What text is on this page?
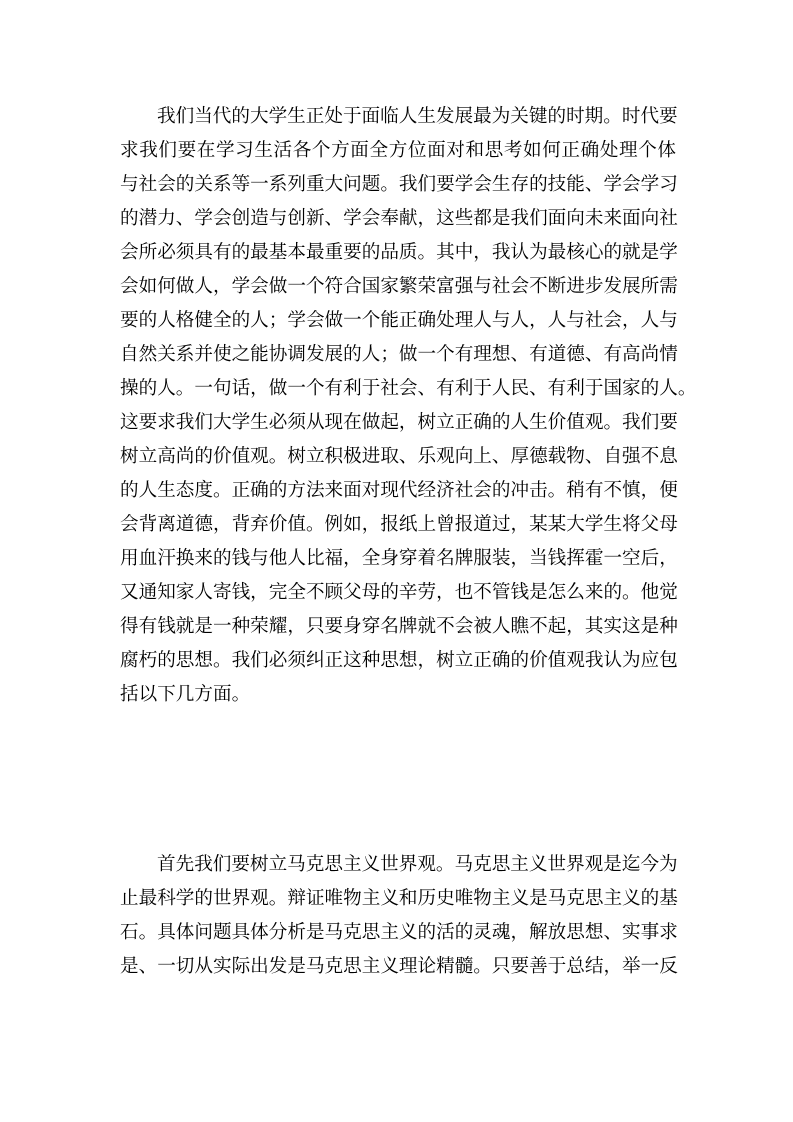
我们当代的大学生正处于面临人生发展最为关键的时期。时代要
求我们要在学习生活各个方面全方位面对和思考如何正确处理个体
与社会的关系等一系列重大问题。我们要学会生存的技能、学会学习
的潜力、学会创造与创新、学会奉献，这些都是我们面向未来面向社
会所必须具有的最基本最重要的品质。其中，我认为最核心的就是学
会如何做人，学会做一个符合国家繁荣富强与社会不断进步发展所需
要的人格健全的人；学会做一个能正确处理人与人，人与社会，人与
自然关系并使之能协调发展的人；做一个有理想、有道德、有高尚情
操的人。一句话，做一个有利于社会、有利于人民、有利于国家的人。
这要求我们大学生必须从现在做起，树立正确的人生价值观。我们要
树立高尚的价值观。树立积极进取、乐观向上、厚德载物、自强不息
的人生态度。正确的方法来面对现代经济社会的冲击。稍有不慎，便
会背离道德，背弃价值。例如，报纸上曾报道过，某某大学生将父母
用血汗换来的钱与他人比福，全身穿着名牌服装，当钱挥霍一空后，
又通知家人寄钱，完全不顾父母的辛劳，也不管钱是怎么来的。他觉
得有钱就是一种荣耀，只要身穿名牌就不会被人瞧不起，其实这是种
腐朽的思想。我们必须纠正这种思想，树立正确的价值观我认为应包
括以下几方面。
首先我们要树立马克思主义世界观。马克思主义世界观是迄今为
止最科学的世界观。辩证唯物主义和历史唯物主义是马克思主义的基
石。具体问题具体分析是马克思主义的活的灵魂，解放思想、实事求
是、一切从实际出发是马克思主义理论精髓。只要善于总结，举一反
